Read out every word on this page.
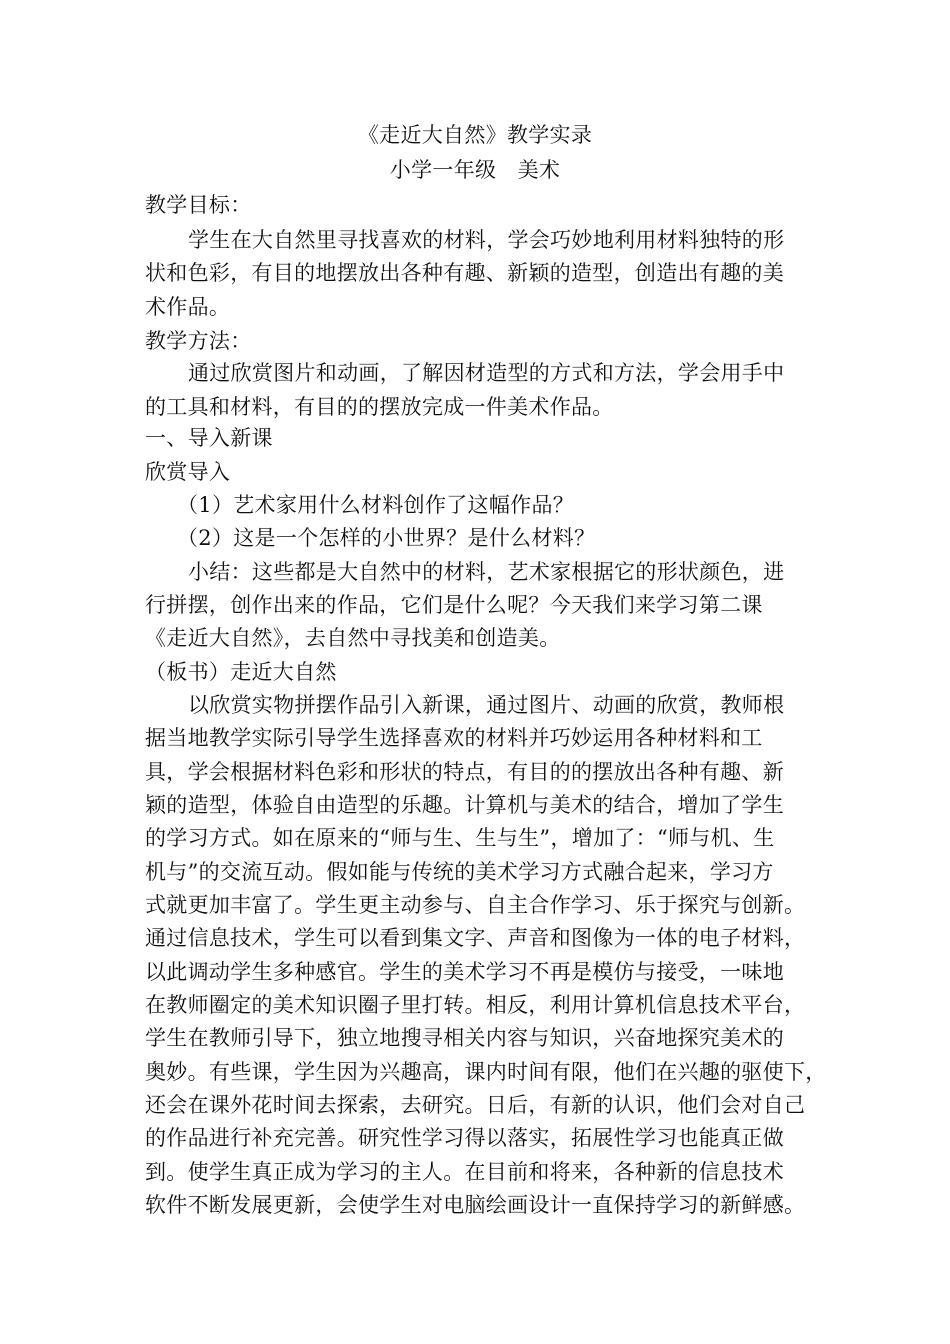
《走近大自然》教学实录
小学一年级　美术
教学目标：
学生在大自然里寻找喜欢的材料，学会巧妙地利用材料独特的形
状和色彩，有目的地摆放出各种有趣、新颖的造型，创造出有趣的美
术作品。
教学方法：
通过欣赏图片和动画，了解因材造型的方式和方法，学会用手中
的工具和材料，有目的的摆放完成一件美术作品。
一、导入新课
欣赏导入
（1）艺术家用什么材料创作了这幅作品？
（2）这是一个怎样的小世界？是什么材料？
小结：这些都是大自然中的材料，艺术家根据它的形状颜色，进
行拼摆，创作出来的作品，它们是什么呢？今天我们来学习第二课
《走近大自然》，去自然中寻找美和创造美。
（板书）走近大自然
以欣赏实物拼摆作品引入新课，通过图片、动画的欣赏，教师根
据当地教学实际引导学生选择喜欢的材料并巧妙运用各种材料和工
具，学会根据材料色彩和形状的特点，有目的的摆放出各种有趣、新
颖的造型，体验自由造型的乐趣。计算机与美术的结合，增加了学生
的学习方式。如在原来的“师与生、生与生”，增加了：“师与机、生
机与”的交流互动。假如能与传统的美术学习方式融合起来，学习方
式就更加丰富了。学生更主动参与、自主合作学习、乐于探究与创新。
通过信息技术，学生可以看到集文字、声音和图像为一体的电子材料，
以此调动学生多种感官。学生的美术学习不再是模仿与接受，一味地
在教师圈定的美术知识圈子里打转。相反，利用计算机信息技术平台，
学生在教师引导下，独立地搜寻相关内容与知识，兴奋地探究美术的
奥妙。有些课，学生因为兴趣高，课内时间有限，他们在兴趣的驱使下，
还会在课外花时间去探索，去研究。日后，有新的认识，他们会对自己
的作品进行补充完善。研究性学习得以落实，拓展性学习也能真正做
到。使学生真正成为学习的主人。在目前和将来，各种新的信息技术
软件不断发展更新，会使学生对电脑绘画设计一直保持学习的新鲜感。
